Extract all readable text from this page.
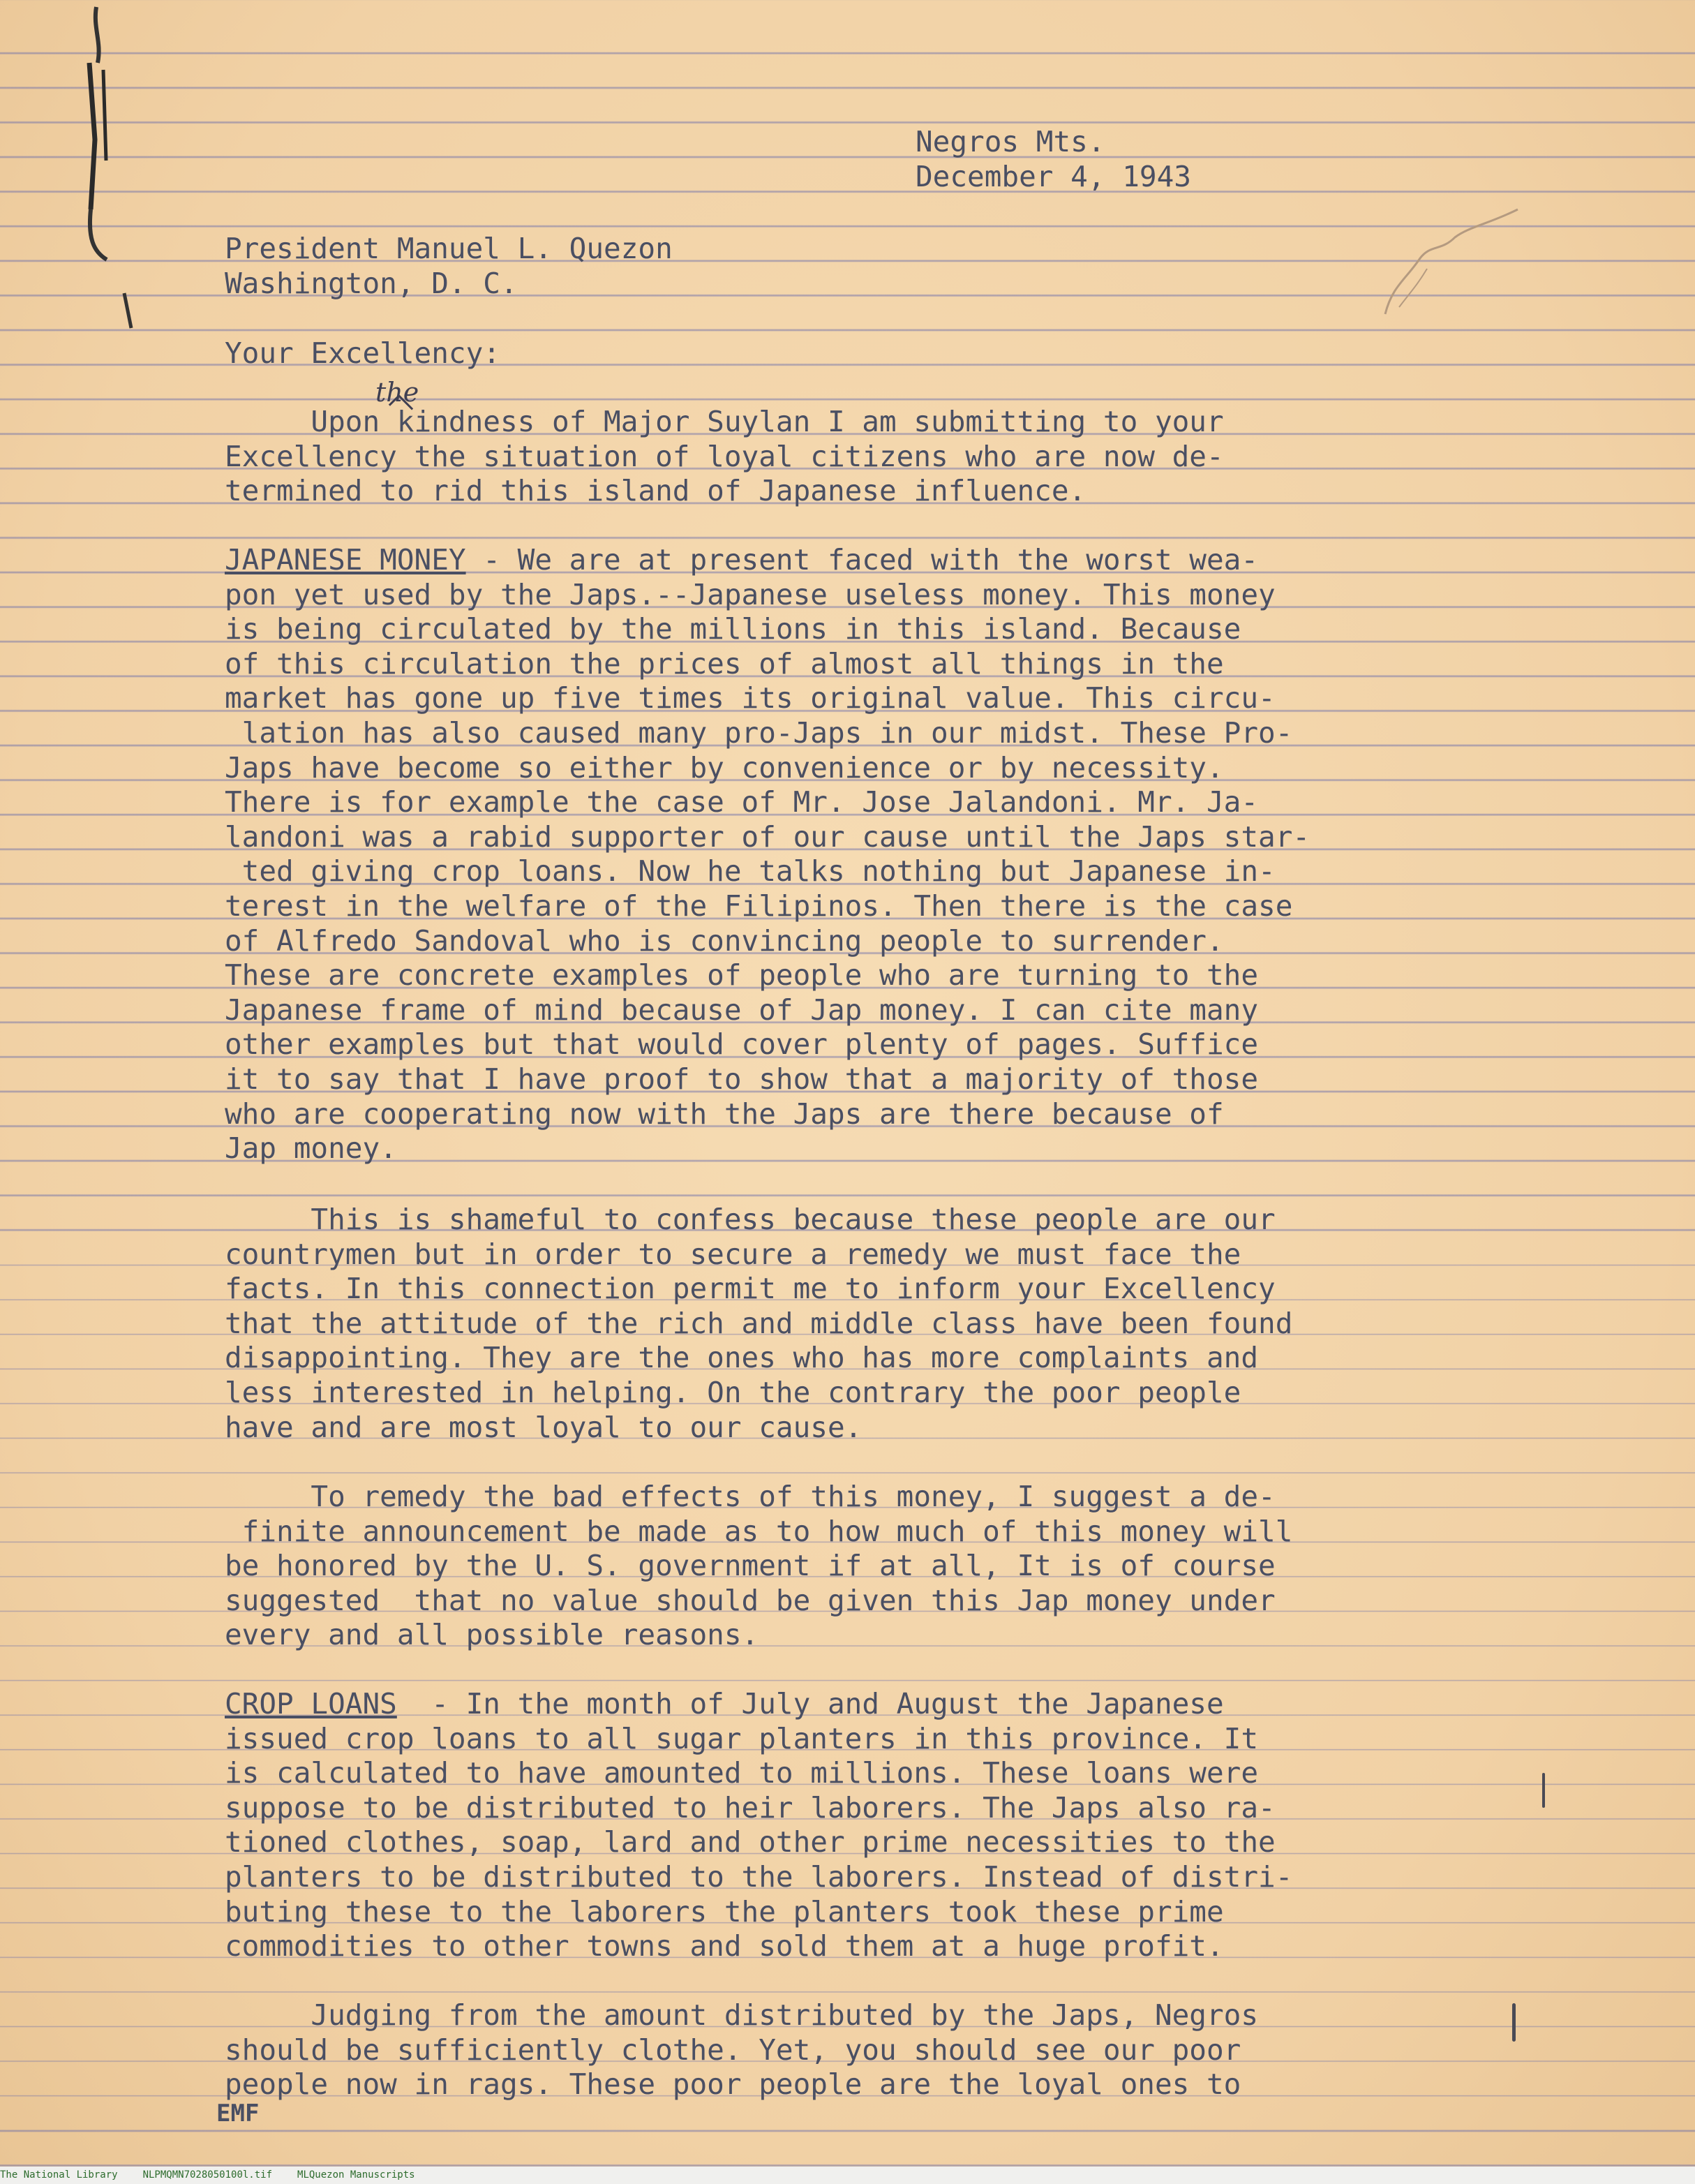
Negros Mts.
December 4, 1943
President Manuel L. Quezon
Washington, D. C.
Your Excellency:
the
Upon kindness of Major Suylan I am submitting to your
Excellency the situation of loyal citizens who are now de-
termined to rid this island of Japanese influence.
JAPANESE MONEY - We are at present faced with the worst wea-
pon yet used by the Japs.--Japanese useless money. This money
is being circulated by the millions in this island. Because
of this circulation the prices of almost all things in the
market has gone up five times its original value. This circu-
lation has also caused many pro-Japs in our midst. These Pro-
Japs have become so either by convenience or by necessity.
There is for example the case of Mr. Jose Jalandoni. Mr. Ja-
landoni was a rabid supporter of our cause until the Japs star-
ted giving crop loans. Now he talks nothing but Japanese in-
terest in the welfare of the Filipinos. Then there is the case
of Alfredo Sandoval who is convincing people to surrender.
These are concrete examples of people who are turning to the
Japanese frame of mind because of Jap money. I can cite many
other examples but that would cover plenty of pages. Suffice
it to say that I have proof to show that a majority of those
who are cooperating now with the Japs are there because of
Jap money.
This is shameful to confess because these people are our
countrymen but in order to secure a remedy we must face the
facts. In this connection permit me to inform your Excellency
that the attitude of the rich and middle class have been found
disappointing. They are the ones who has more complaints and
less interested in helping. On the contrary the poor people
have and are most loyal to our cause.
To remedy the bad effects of this money, I suggest a de-
finite announcement be made as to how much of this money will
be honored by the U. S. government if at all, It is of course
suggested  that no value should be given this Jap money under
every and all possible reasons.
CROP LOANS  - In the month of July and August the Japanese
issued crop loans to all sugar planters in this province. It
is calculated to have amounted to millions. These loans were
suppose to be distributed to heir laborers. The Japs also ra-
tioned clothes, soap, lard and other prime necessities to the
planters to be distributed to the laborers. Instead of distri-
buting these to the laborers the planters took these prime
commodities to other towns and sold them at a huge profit.
Judging from the amount distributed by the Japs, Negros
should be sufficiently clothe. Yet, you should see our poor
people now in rags. These poor people are the loyal ones to
EMF
The National Library	NLPMQMN7028050100l.tif	MLQuezon Manuscripts
